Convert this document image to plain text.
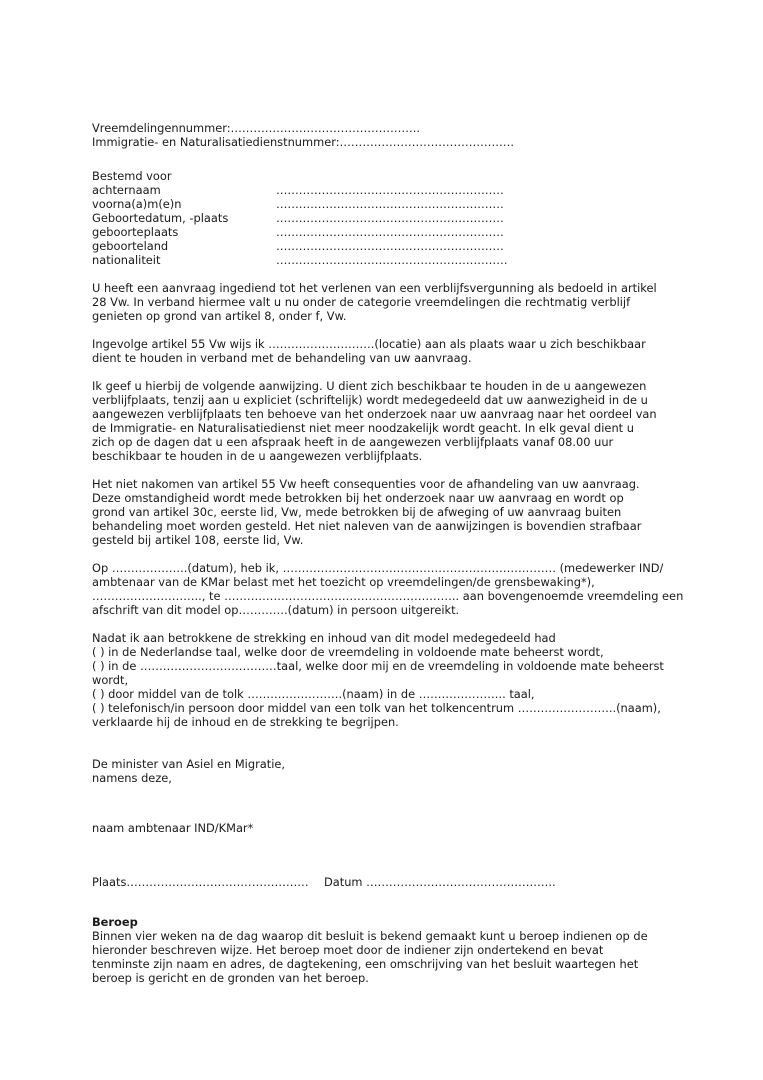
Vreemdelingennummer:…………………………………………..
Immigratie- en Naturalisatiedienstnummer:……………………………………….
Bestemd voor
achternaam	……………………………………………………
voorna(a)m(e)n	……………………………………………………
Geboortedatum, -plaats	……………………………………………………
geboorteplaats	……………………………………………………
geboorteland	……………………………………………………
nationaliteit	…………………………………………………….
U heeft een aanvraag ingediend tot het verlenen van een verblijfsvergunning als bedoeld in artikel
28 Vw. In verband hiermee valt u nu onder de categorie vreemdelingen die rechtmatig verblijf
genieten op grond van artikel 8, onder f, Vw.
Ingevolge artikel 55 Vw wijs ik ……………………….(locatie) aan als plaats waar u zich beschikbaar
dient te houden in verband met de behandeling van uw aanvraag.
Ik geef u hierbij de volgende aanwijzing. U dient zich beschikbaar te houden in de u aangewezen
verblijfplaats, tenzij aan u expliciet (schriftelijk) wordt medegedeeld dat uw aanwezigheid in de u
aangewezen verblijfplaats ten behoeve van het onderzoek naar uw aanvraag naar het oordeel van
de Immigratie- en Naturalisatiedienst niet meer noodzakelijk wordt geacht. In elk geval dient u
zich op de dagen dat u een afspraak heeft in de aangewezen verblijfplaats vanaf 08.00 uur
beschikbaar te houden in de u aangewezen verblijfplaats.
Het niet nakomen van artikel 55 Vw heeft consequenties voor de afhandeling van uw aanvraag.
Deze omstandigheid wordt mede betrokken bij het onderzoek naar uw aanvraag en wordt op
grond van artikel 30c, eerste lid, Vw, mede betrokken bij de afweging of uw aanvraag buiten
behandeling moet worden gesteld. Het niet naleven van de aanwijzingen is bovendien strafbaar
gesteld bij artikel 108, eerste lid, Vw.
Op ………………..(datum), heb ik, ……………………………………………………………… (medewerker IND/
ambtenaar van de KMar belast met het toezicht op vreemdelingen/de grensbewaking*),
……………………….., te …………………………………………………….. aan bovengenoemde vreemdeling een
afschrift van dit model op………….(datum) in persoon uitgereikt.
Nadat ik aan betrokkene de strekking en inhoud van dit model medegedeeld had
( ) in de Nederlandse taal, welke door de vreemdeling in voldoende mate beheerst wordt,
( ) in de ………………………………taal, welke door mij en de vreemdeling in voldoende mate beheerst
wordt,
( ) door middel van de tolk …………………….(naam) in de ………………….. taal,
( ) telefonisch/in persoon door middel van een tolk van het tolkencentrum ……………………..(naam),
verklaarde hij de inhoud en de strekking te begrijpen.
De minister van Asiel en Migratie,
namens deze,
naam ambtenaar IND/KMar*
Plaats…………………………………………	Datum …………………………………………..
Beroep
Binnen vier weken na de dag waarop dit besluit is bekend gemaakt kunt u beroep indienen op de
hieronder beschreven wijze. Het beroep moet door de indiener zijn ondertekend en bevat
tenminste zijn naam en adres, de dagtekening, een omschrijving van het besluit waartegen het
beroep is gericht en de gronden van het beroep.
